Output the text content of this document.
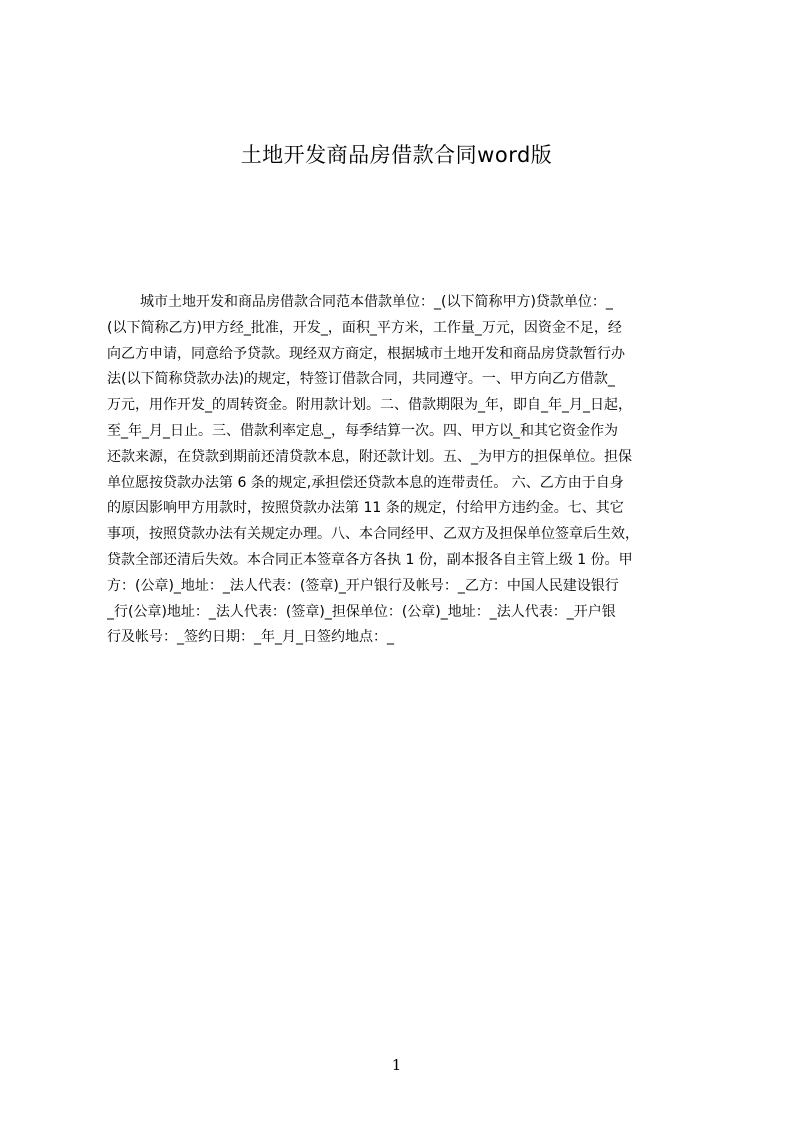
土地开发商品房借款合同word版
城市土地开发和商品房借款合同范本借款单位：_(以下简称甲方)贷款单位：_
(以下简称乙方)甲方经_批准，开发_，面积_平方米，工作量_万元，因资金不足，经
向乙方申请，同意给予贷款。现经双方商定，根据城市土地开发和商品房贷款暂行办
法(以下简称贷款办法)的规定，特签订借款合同，共同遵守。一、甲方向乙方借款_
万元，用作开发_的周转资金。附用款计划。二、借款期限为_年，即自_年_月_日起，
至_年_月_日止。三、借款利率定息_，每季结算一次。四、甲方以_和其它资金作为
还款来源，在贷款到期前还清贷款本息，附还款计划。五、_为甲方的担保单位。担保
单位愿按贷款办法第 6 条的规定,承担偿还贷款本息的连带责任。 六、乙方由于自身
的原因影响甲方用款时，按照贷款办法第 11 条的规定，付给甲方违约金。七、其它
事项，按照贷款办法有关规定办理。八、本合同经甲、乙双方及担保单位签章后生效，
贷款全部还清后失效。本合同正本签章各方各执 1 份，副本报各自主管上级 1 份。甲
方：(公章)_地址：_法人代表：(签章)_开户银行及帐号：_乙方：中国人民建设银行
_行(公章)地址：_法人代表：(签章)_担保单位：(公章)_地址：_法人代表：_开户银
行及帐号：_签约日期：_年_月_日签约地点：_
1
